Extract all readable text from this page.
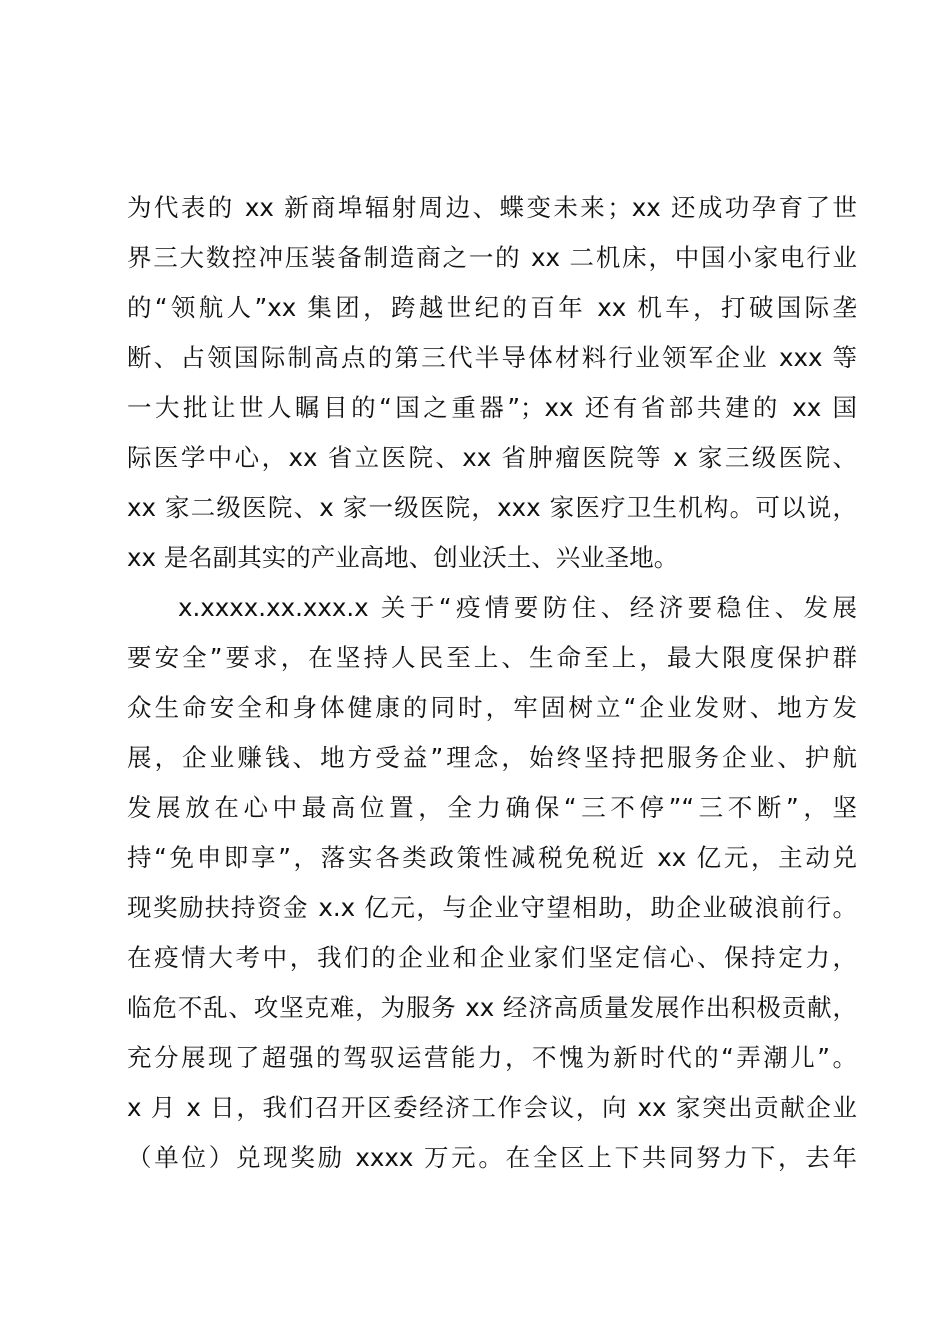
为代表的 xx 新商埠辐射周边、蝶变未来；xx 还成功孕育了世
界三大数控冲压装备制造商之一的 xx 二机床，中国小家电行业
的“领航人”xx 集团，跨越世纪的百年 xx 机车，打破国际垄
断、占领国际制高点的第三代半导体材料行业领军企业 xxx 等
一大批让世人瞩目的“国之重器”；xx 还有省部共建的 xx 国
际医学中心，xx 省立医院、xx 省肿瘤医院等 x 家三级医院、
xx 家二级医院、x 家一级医院，xxx 家医疗卫生机构。可以说，
xx 是名副其实的产业高地、创业沃土、兴业圣地。
x.xxxx.xx.xxx.x 关于“疫情要防住、经济要稳住、发展
要安全”要求，在坚持人民至上、生命至上，最大限度保护群
众生命安全和身体健康的同时，牢固树立“企业发财、地方发
展，企业赚钱、地方受益”理念，始终坚持把服务企业、护航
发展放在心中最高位置，全力确保“三不停”“三不断”，坚
持“免申即享”，落实各类政策性减税免税近 xx 亿元，主动兑
现奖励扶持资金 x.x 亿元，与企业守望相助，助企业破浪前行。
在疫情大考中，我们的企业和企业家们坚定信心、保持定力，
临危不乱、攻坚克难，为服务 xx 经济高质量发展作出积极贡献，
充分展现了超强的驾驭运营能力，不愧为新时代的“弄潮儿”。
x 月 x 日，我们召开区委经济工作会议，向 xx 家突出贡献企业
（单位）兑现奖励 xxxx 万元。在全区上下共同努力下，去年
